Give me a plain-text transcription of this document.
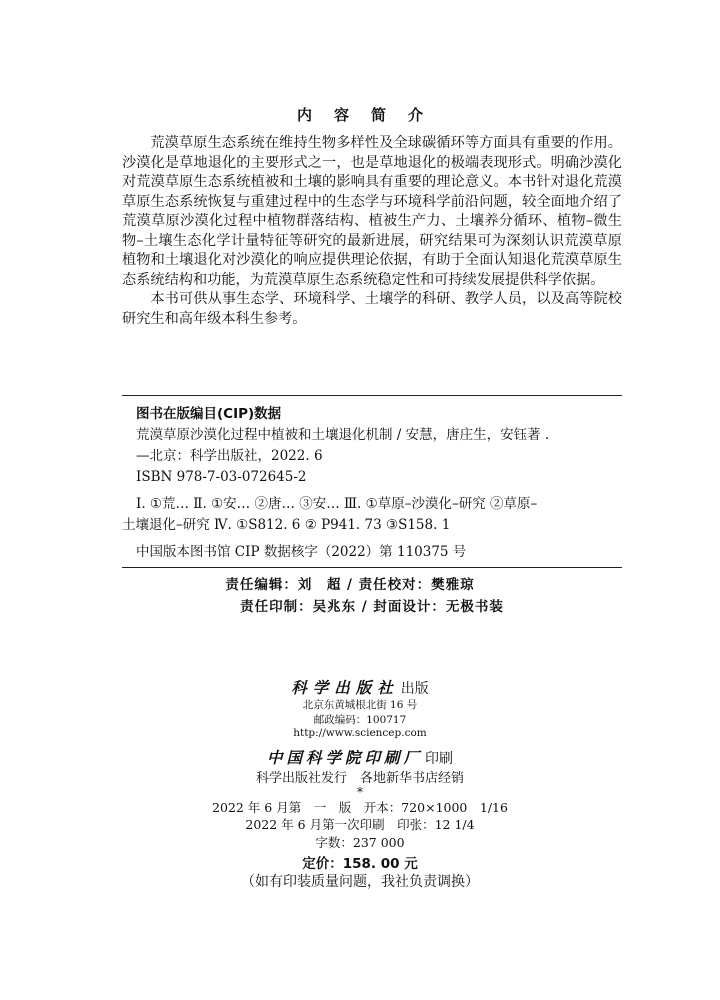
内容简介

荒漠草原生态系统在维持生物多样性及全球碳循环等方面具有重要的作用。沙漠化是草地退化的主要形式之一，也是草地退化的极端表现形式。明确沙漠化对荒漠草原生态系统植被和土壤的影响具有重要的理论意义。本书针对退化荒漠草原生态系统恢复与重建过程中的生态学与环境科学前沿问题，较全面地介绍了荒漠草原沙漠化过程中植物群落结构、植被生产力、土壤养分循环、植物–微生物–土壤生态化学计量特征等研究的最新进展，研究结果可为深刻认识荒漠草原植物和土壤退化对沙漠化的响应提供理论依据，有助于全面认知退化荒漠草原生态系统结构和功能，为荒漠草原生态系统稳定性和可持续发展提供科学依据。

本书可供从事生态学、环境科学、土壤学的科研、教学人员，以及高等院校研究生和高年级本科生参考。

图书在版编目(CIP)数据
荒漠草原沙漠化过程中植被和土壤退化机制 / 安慧，唐庄生，安钰著 .
—北京：科学出版社，2022. 6
ISBN 978-7-03-072645-2
Ⅰ. ①荒… Ⅱ. ①安… ②唐… ③安… Ⅲ. ①草原–沙漠化–研究 ②草原–
土壤退化–研究 Ⅳ. ①S812. 6 ② P941. 73 ③S158. 1
中国版本图书馆 CIP 数据核字（2022）第 110375 号
责任编辑：刘　超 / 责任校对：樊雅琼
责任印制：吴兆东 / 封面设计：无极书装
科学出版社 出版
北京东黄城根北街 16 号
邮政编码：100717
http://www.sciencep.com
中国科学院印刷厂 印刷
科学出版社发行　各地新华书店经销
*
2022 年 6 月第　一　版　开本：720×1000　1/16
2022 年 6 月第一次印刷　印张：12 1/4
字数：237 000
定价：158. 00 元
（如有印装质量问题，我社负责调换）
